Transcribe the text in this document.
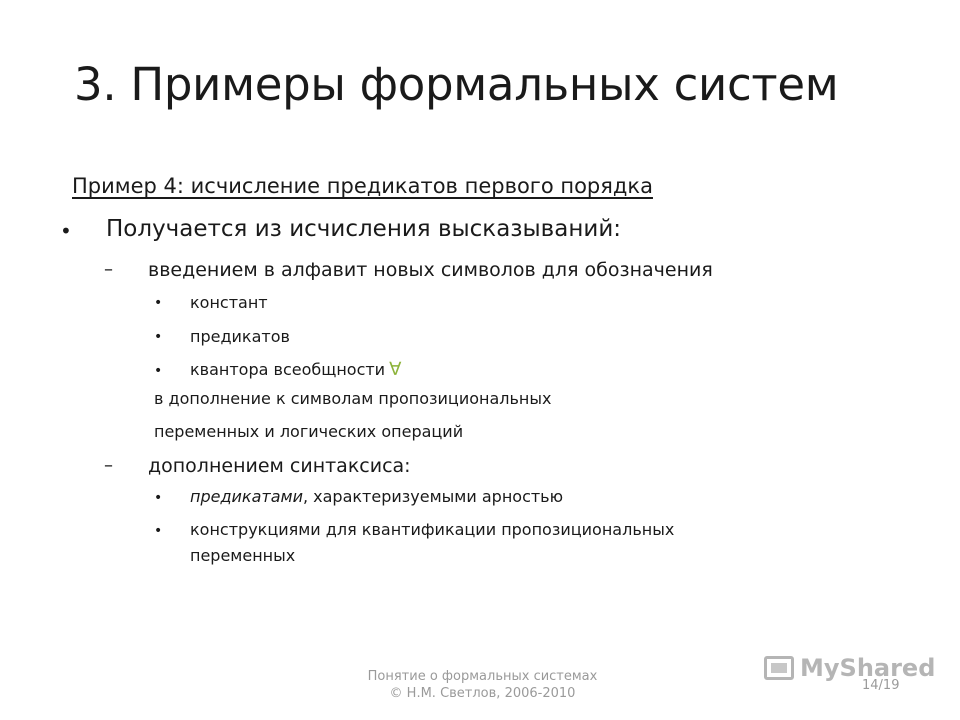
3. Примеры формальных систем
Пример 4: исчисление предикатов первого порядка
• Получается из исчисления высказываний:
– введением в алфавит новых символов для обозначения
• констант
• предикатов
• квантора всеобщности ∀
в дополнение к символам пропозициональных
переменных и логических операций
– дополнением синтаксиса:
• предикатами, характеризуемыми арностью
• конструкциями для квантификации пропозициональных
переменных
Понятие о формальных системах
© Н.М. Светлов, 2006-2010
14/19
MyShared
